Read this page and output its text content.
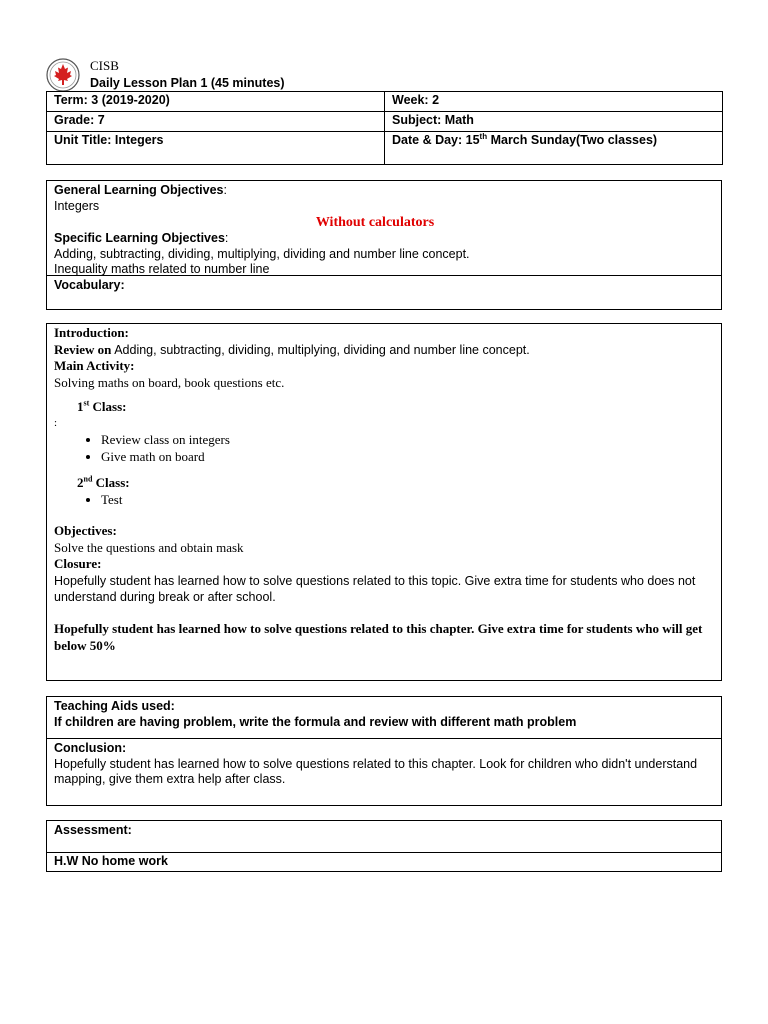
CISB
Daily Lesson Plan 1 (45 minutes)
Term: 3 (2019-2020)	Week: 2
Grade: 7	Subject: Math
Unit Title: Integers	Date & Day: 15th March Sunday(Two classes)
General Learning Objectives:
Integers
Without calculators
Specific Learning Objectives:
Adding, subtracting, dividing, multiplying, dividing and number line concept.
Inequality maths related to number line
Vocabulary:
Introduction:
Review on Adding, subtracting, dividing, multiplying, dividing and number line concept.
Main Activity:
Solving maths on board, book questions etc.
1st Class:
:
• Review class on integers
• Give math on board
2nd Class:
• Test
Objectives:
Solve the questions and obtain mask
Closure:
Hopefully student has learned how to solve questions related to this topic. Give extra time for students who does not understand during break or after school.
Hopefully student has learned how to solve questions related to this chapter. Give extra time for students who will get below 50%
Teaching Aids used:
If children are having problem, write the formula and review with different math problem
Conclusion:
Hopefully student has learned how to solve questions related to this chapter. Look for children who didn't understand mapping, give them extra help after class.
Assessment:
H.W No home work
